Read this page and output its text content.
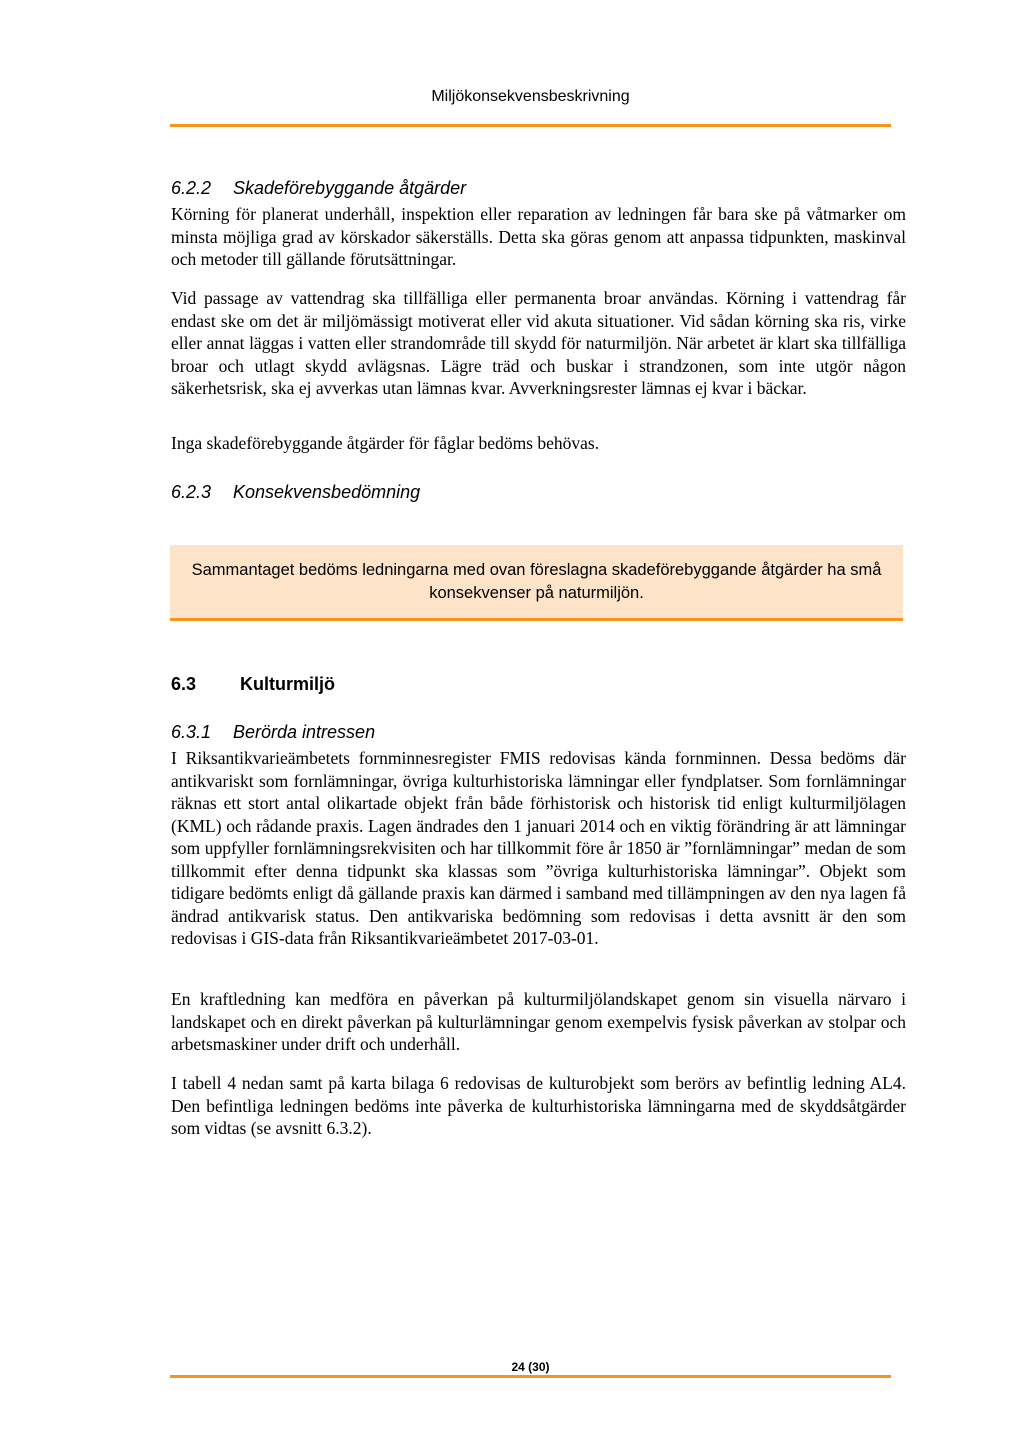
Miljökonsekvensbeskrivning
6.2.2 Skadeförebyggande åtgärder

Körning för planerat underhåll, inspektion eller reparation av ledningen får bara ske på våtmarker om minsta möjliga grad av körskador säkerställs. Detta ska göras genom att anpassa tidpunkten, maskinval och metoder till gällande förutsättningar.

Vid passage av vattendrag ska tillfälliga eller permanenta broar användas. Körning i vattendrag får endast ske om det är miljömässigt motiverat eller vid akuta situationer. Vid sådan körning ska ris, virke eller annat läggas i vatten eller strandområde till skydd för naturmiljön. När arbetet är klart ska tillfälliga broar och utlagt skydd avlägsnas. Lägre träd och buskar i strandzonen, som inte utgör någon säkerhetsrisk, ska ej avverkas utan lämnas kvar. Avverkningsrester lämnas ej kvar i bäckar.

Inga skadeförebyggande åtgärder för fåglar bedöms behövas.

6.2.3 Konsekvensbedömning
Sammantaget bedöms ledningarna med ovan föreslagna skadeförebyggande åtgärder ha små konsekvenser på naturmiljön.
6.3 Kulturmiljö
6.3.1 Berörda intressen

I Riksantikvarieämbetets fornminnesregister FMIS redovisas kända fornminnen. Dessa bedöms där antikvariskt som fornlämningar, övriga kulturhistoriska lämningar eller fyndplatser. Som fornlämningar räknas ett stort antal olikartade objekt från både förhistorisk och historisk tid enligt kulturmiljölagen (KML) och rådande praxis. Lagen ändrades den 1 januari 2014 och en viktig förändring är att lämningar som uppfyller fornlämningsrekvisiten och har tillkommit före år 1850 är ”fornlämningar” medan de som tillkommit efter denna tidpunkt ska klassas som ”övriga kulturhistoriska lämningar”. Objekt som tidigare bedömts enligt då gällande praxis kan därmed i samband med tillämpningen av den nya lagen få ändrad antikvarisk status. Den antikvariska bedömning som redovisas i detta avsnitt är den som redovisas i GIS-data från Riksantikvarieämbetet 2017-03-01.

En kraftledning kan medföra en påverkan på kulturmiljölandskapet genom sin visuella närvaro i landskapet och en direkt påverkan på kulturlämningar genom exempelvis fysisk påverkan av stolpar och arbetsmaskiner under drift och underhåll.

I tabell 4 nedan samt på karta bilaga 6 redovisas de kulturobjekt som berörs av befintlig ledning AL4. Den befintliga ledningen bedöms inte påverka de kulturhistoriska lämningarna med de skyddsåtgärder som vidtas (se avsnitt 6.3.2).

24 (30)
